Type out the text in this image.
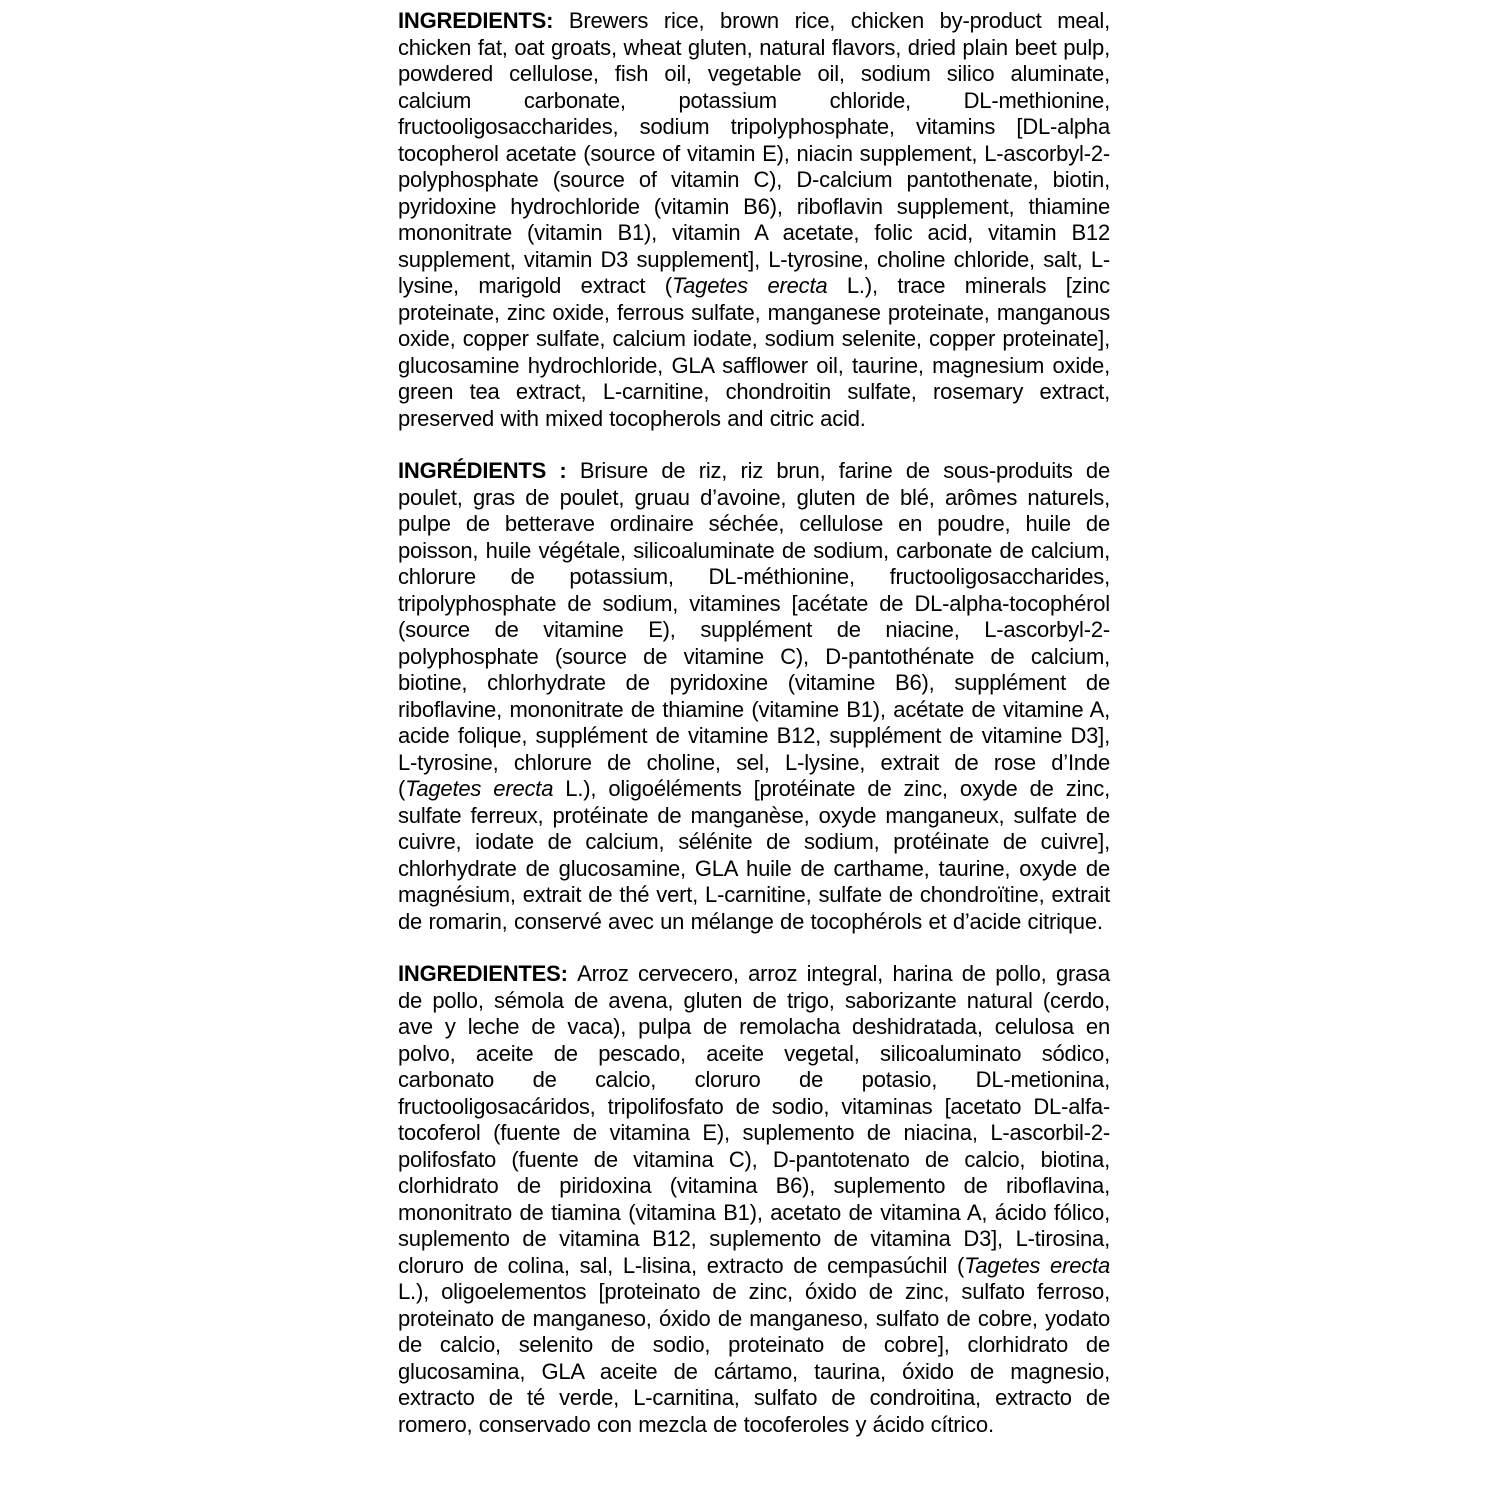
INGREDIENTS: Brewers rice, brown rice, chicken by-product meal, chicken fat, oat groats, wheat gluten, natural flavors, dried plain beet pulp, powdered cellulose, fish oil, vegetable oil, sodium silico aluminate, calcium carbonate, potassium chloride, DL-methionine, fructooligosaccharides, sodium tripolyphosphate, vitamins [DL-alpha tocopherol acetate (source of vitamin E), niacin supplement, L-ascorbyl-2-polyphosphate (source of vitamin C), D-calcium pantothenate, biotin, pyridoxine hydrochloride (vitamin B6), riboflavin supplement, thiamine mononitrate (vitamin B1), vitamin A acetate, folic acid, vitamin B12 supplement, vitamin D3 supplement], L-tyrosine, choline chloride, salt, L-lysine, marigold extract (Tagetes erecta L.), trace minerals [zinc proteinate, zinc oxide, ferrous sulfate, manganese proteinate, manganous oxide, copper sulfate, calcium iodate, sodium selenite, copper proteinate], glucosamine hydrochloride, GLA safflower oil, taurine, magnesium oxide, green tea extract, L-carnitine, chondroitin sulfate, rosemary extract, preserved with mixed tocopherols and citric acid.

INGRÉDIENTS : Brisure de riz, riz brun, farine de sous-produits de poulet, gras de poulet, gruau d’avoine, gluten de blé, arômes naturels, pulpe de betterave ordinaire séchée, cellulose en poudre, huile de poisson, huile végétale, silicoaluminate de sodium, carbonate de calcium, chlorure de potassium, DL-méthionine, fructooligosaccharides, tripolyphosphate de sodium, vitamines [acétate de DL-alpha-tocophérol (source de vitamine E), supplément de niacine, L-ascorbyl-2-polyphosphate (source de vitamine C), D-pantothénate de calcium, biotine, chlorhydrate de pyridoxine (vitamine B6), supplément de riboflavine, mononitrate de thiamine (vitamine B1), acétate de vitamine A, acide folique, supplément de vitamine B12, supplément de vitamine D3], L-tyrosine, chlorure de choline, sel, L-lysine, extrait de rose d’Inde (Tagetes erecta L.), oligoéléments [protéinate de zinc, oxyde de zinc, sulfate ferreux, protéinate de manganèse, oxyde manganeux, sulfate de cuivre, iodate de calcium, sélénite de sodium, protéinate de cuivre], chlorhydrate de glucosamine, GLA huile de carthame, taurine, oxyde de magnésium, extrait de thé vert, L-carnitine, sulfate de chondroïtine, extrait de romarin, conservé avec un mélange de tocophérols et d’acide citrique.

INGREDIENTES: Arroz cervecero, arroz integral, harina de pollo, grasa de pollo, sémola de avena, gluten de trigo, saborizante natural (cerdo, ave y leche de vaca), pulpa de remolacha deshidratada, celulosa en polvo, aceite de pescado, aceite vegetal, silicoaluminato sódico, carbonato de calcio, cloruro de potasio, DL-metionina, fructooligosacáridos, tripolifosfato de sodio, vitaminas [acetato DL-alfa-tocoferol (fuente de vitamina E), suplemento de niacina, L-ascorbil-2-polifosfato (fuente de vitamina C), D-pantotenato de calcio, biotina, clorhidrato de piridoxina (vitamina B6), suplemento de riboflavina, mononitrato de tiamina (vitamina B1), acetato de vitamina A, ácido fólico, suplemento de vitamina B12, suplemento de vitamina D3], L-tirosina, cloruro de colina, sal, L-lisina, extracto de cempasúchil (Tagetes erecta L.), oligoelementos [proteinato de zinc, óxido de zinc, sulfato ferroso, proteinato de manganeso, óxido de manganeso, sulfato de cobre, yodato de calcio, selenito de sodio, proteinato de cobre], clorhidrato de glucosamina, GLA aceite de cártamo, taurina, óxido de magnesio, extracto de té verde, L-carnitina, sulfato de condroitina, extracto de romero, conservado con mezcla de tocoferoles y ácido cítrico.
